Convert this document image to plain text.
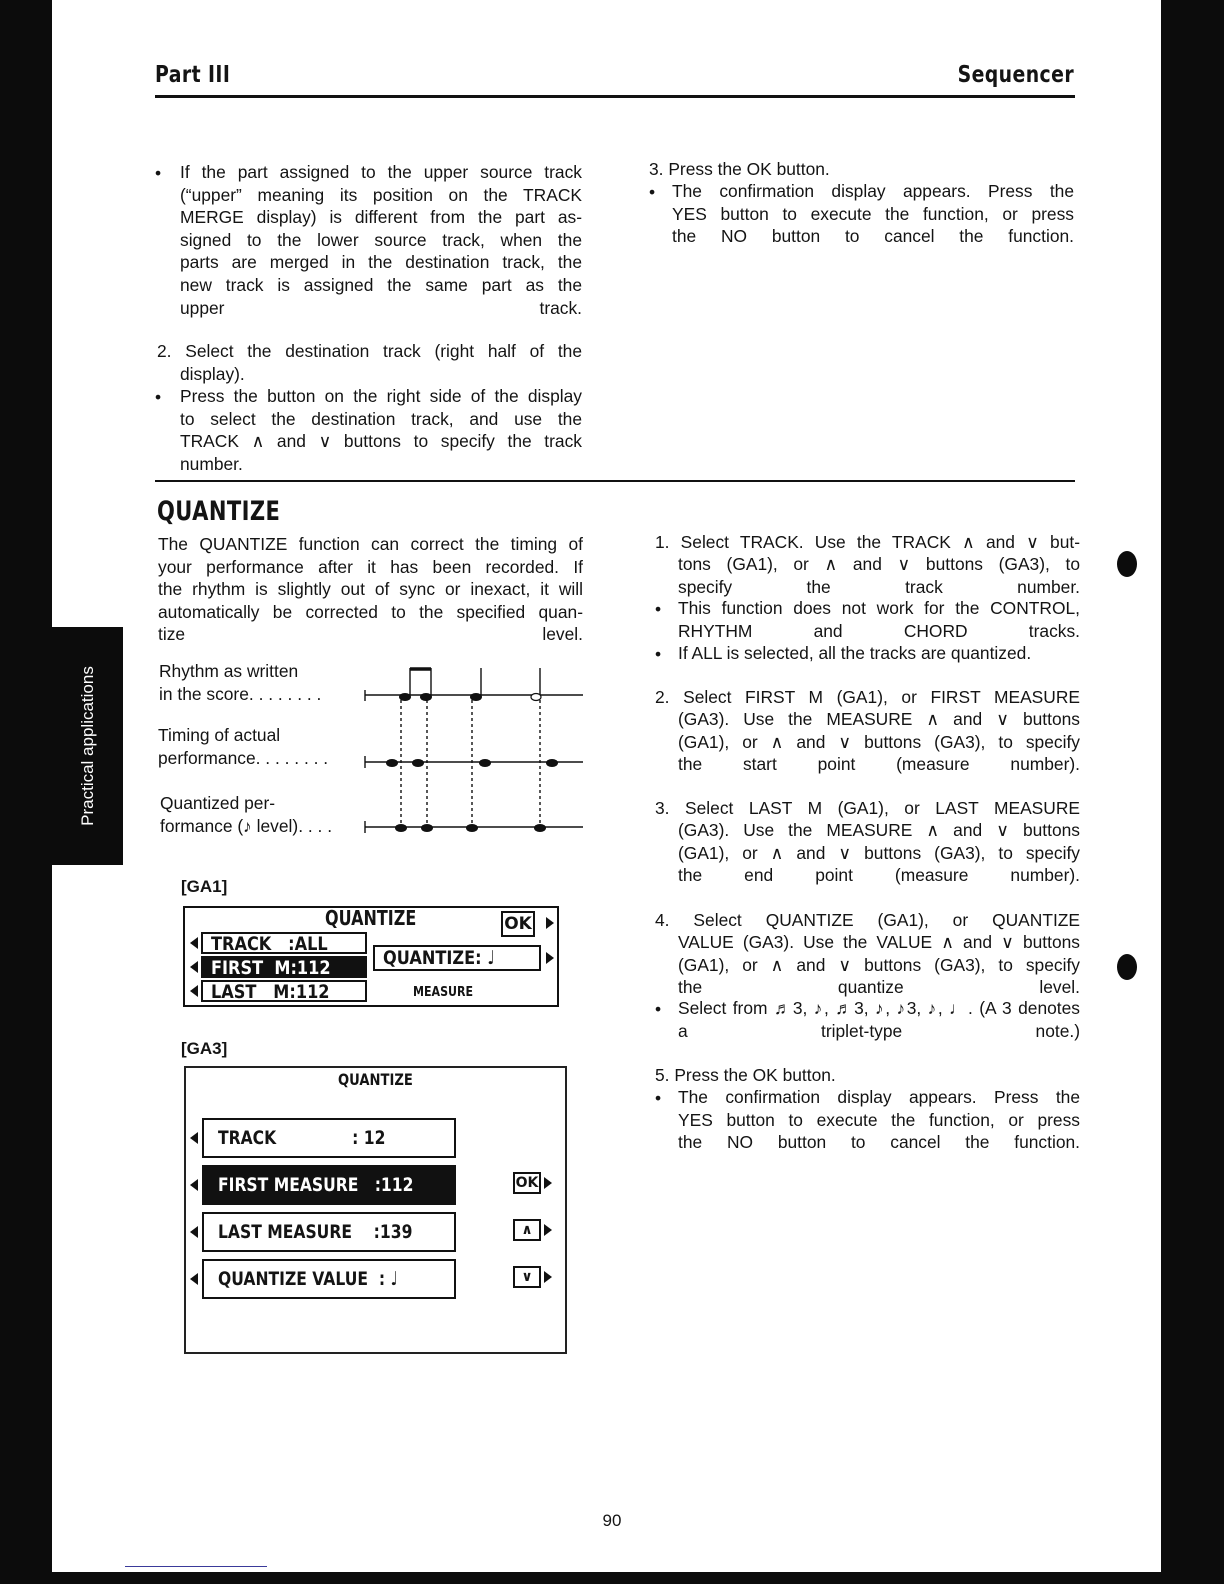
Part III	Sequencer
Practical applications
•
If the part assigned to the upper source track
(“upper” meaning its position on the TRACK
MERGE display) is different from the part as-
signed to the lower source track, when the
parts are merged in the destination track, the
new track is assigned the same part as the
upper track.
2. Select the destination track (right half of the
display).
•
Press the button on the right side of the display
to select the destination track, and use the
TRACK ∧ and ∨ buttons to specify the track
number.
3. Press the OK button.
•
The confirmation display appears. Press the
YES button to execute the function, or press
the NO button to cancel the function.
QUANTIZE
The QUANTIZE function can correct the timing of
your performance after it has been recorded. If
the rhythm is slightly out of sync or inexact, it will
automatically be corrected to the specified quan-
tize level.
Rhythm as written
in the score. . . . . . . .
Timing of actual
performance. . . . . . . .
Quantized per-
formance (♪ level). . . .
[GA1]
QUANTIZE	OK
TRACK   :ALL
FIRST  M:112
LAST   M:112
QUANTIZE: ♩
MEASURE
[GA3]
QUANTIZE
TRACK              : 12
FIRST MEASURE   :112
LAST MEASURE    :139
QUANTIZE VALUE  : ♩
OK
∧
∨
1. Select TRACK. Use the TRACK ∧ and ∨ but-
tons (GA1), or ∧ and ∨ buttons (GA3), to
specify the track number.
•
This function does not work for the CONTROL,
RHYTHM and CHORD tracks.
•
If ALL is selected, all the tracks are quantized.
2. Select FIRST M (GA1), or FIRST MEASURE
(GA3). Use the MEASURE ∧ and ∨ buttons
(GA1), or ∧ and ∨ buttons (GA3), to specify
the start point (measure number).
3. Select LAST M (GA1), or LAST MEASURE
(GA3). Use the MEASURE ∧ and ∨ buttons
(GA1), or ∧ and ∨ buttons (GA3), to specify
the end point (measure number).
4. Select QUANTIZE (GA1), or QUANTIZE
VALUE (GA3). Use the VALUE ∧ and ∨ buttons
(GA1), or ∧ and ∨ buttons (GA3), to specify
the quantize level.
•
Select from ♬3, ♪, ♬3, ♪, ♪3, ♪, ♩. (A 3 denotes
a triplet-type note.)
5. Press the OK button.
•
The confirmation display appears. Press the
YES button to execute the function, or press
the NO button to cancel the function.
90
